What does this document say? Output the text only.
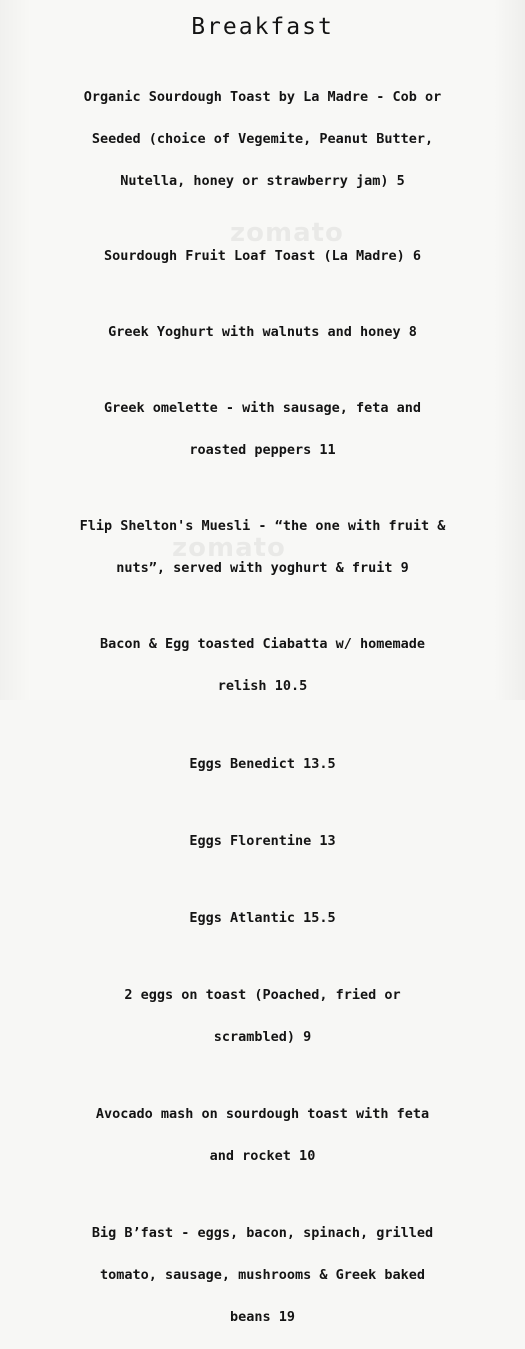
Breakfast
zomato
zomato

Organic Sourdough Toast by La Madre - Cob or

Seeded (choice of Vegemite, Peanut Butter,

Nutella, honey or strawberry jam) 5

Sourdough Fruit Loaf Toast (La Madre) 6

Greek Yoghurt with walnuts and honey 8

Greek omelette - with sausage, feta and

roasted peppers 11

Flip Shelton's Muesli - “the one with fruit &

nuts”, served with yoghurt & fruit 9

Bacon & Egg toasted Ciabatta w/ homemade

relish 10.5

Eggs Benedict 13.5

Eggs Florentine 13

Eggs Atlantic 15.5

2 eggs on toast (Poached, fried or

scrambled) 9

Avocado mash on sourdough toast with feta

and rocket 10

Big B’fast - eggs, bacon, spinach, grilled

tomato, sausage, mushrooms & Greek baked

beans 19
